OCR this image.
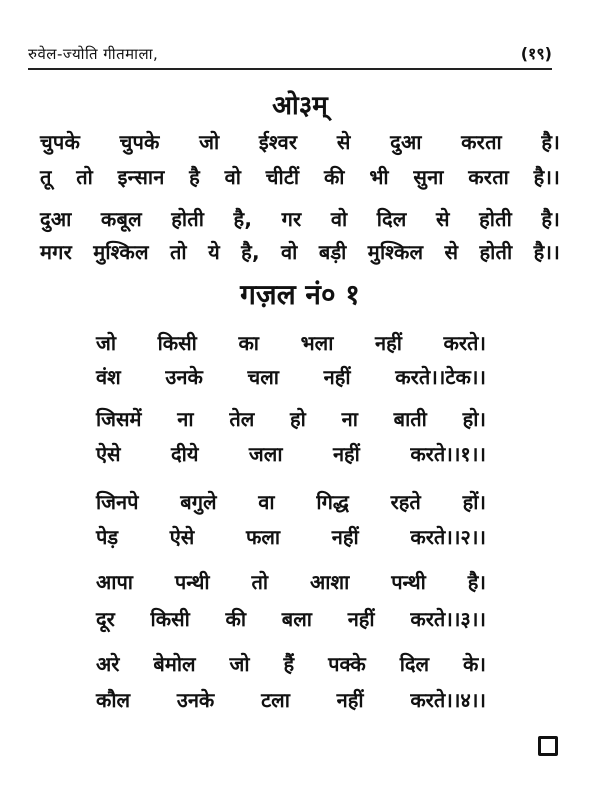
रुवेल-ज्योति गीतमाला,	(१९)
ओ३म्
चुपके चुपके जो ईश्वर से दुआ करता है।
तू तो इन्सान है वो चीटीं की भी सुना करता है।।
दुआ कबूल होती है, गर वो दिल से होती है।
मगर मुश्किल तो ये है, वो बड़ी मुश्किल से होती है।।
गज़ल नं० १
जो किसी का भला नहीं करते।
वंश उनके चला नहीं करते।।टेक।।
जिसमें ना तेल हो ना बाती हो।
ऐसे दीये जला नहीं करते।।१।।
जिनपे बगुले वा गिद्ध रहते हों।
पेड़ ऐसे फला नहीं करते।।२।।
आपा पन्थी तो आशा पन्थी है।
दूर किसी की बला नहीं करते।।३।।
अरे बेमोल जो हैं पक्के दिल के।
कौल उनके टला नहीं करते।।४।।
